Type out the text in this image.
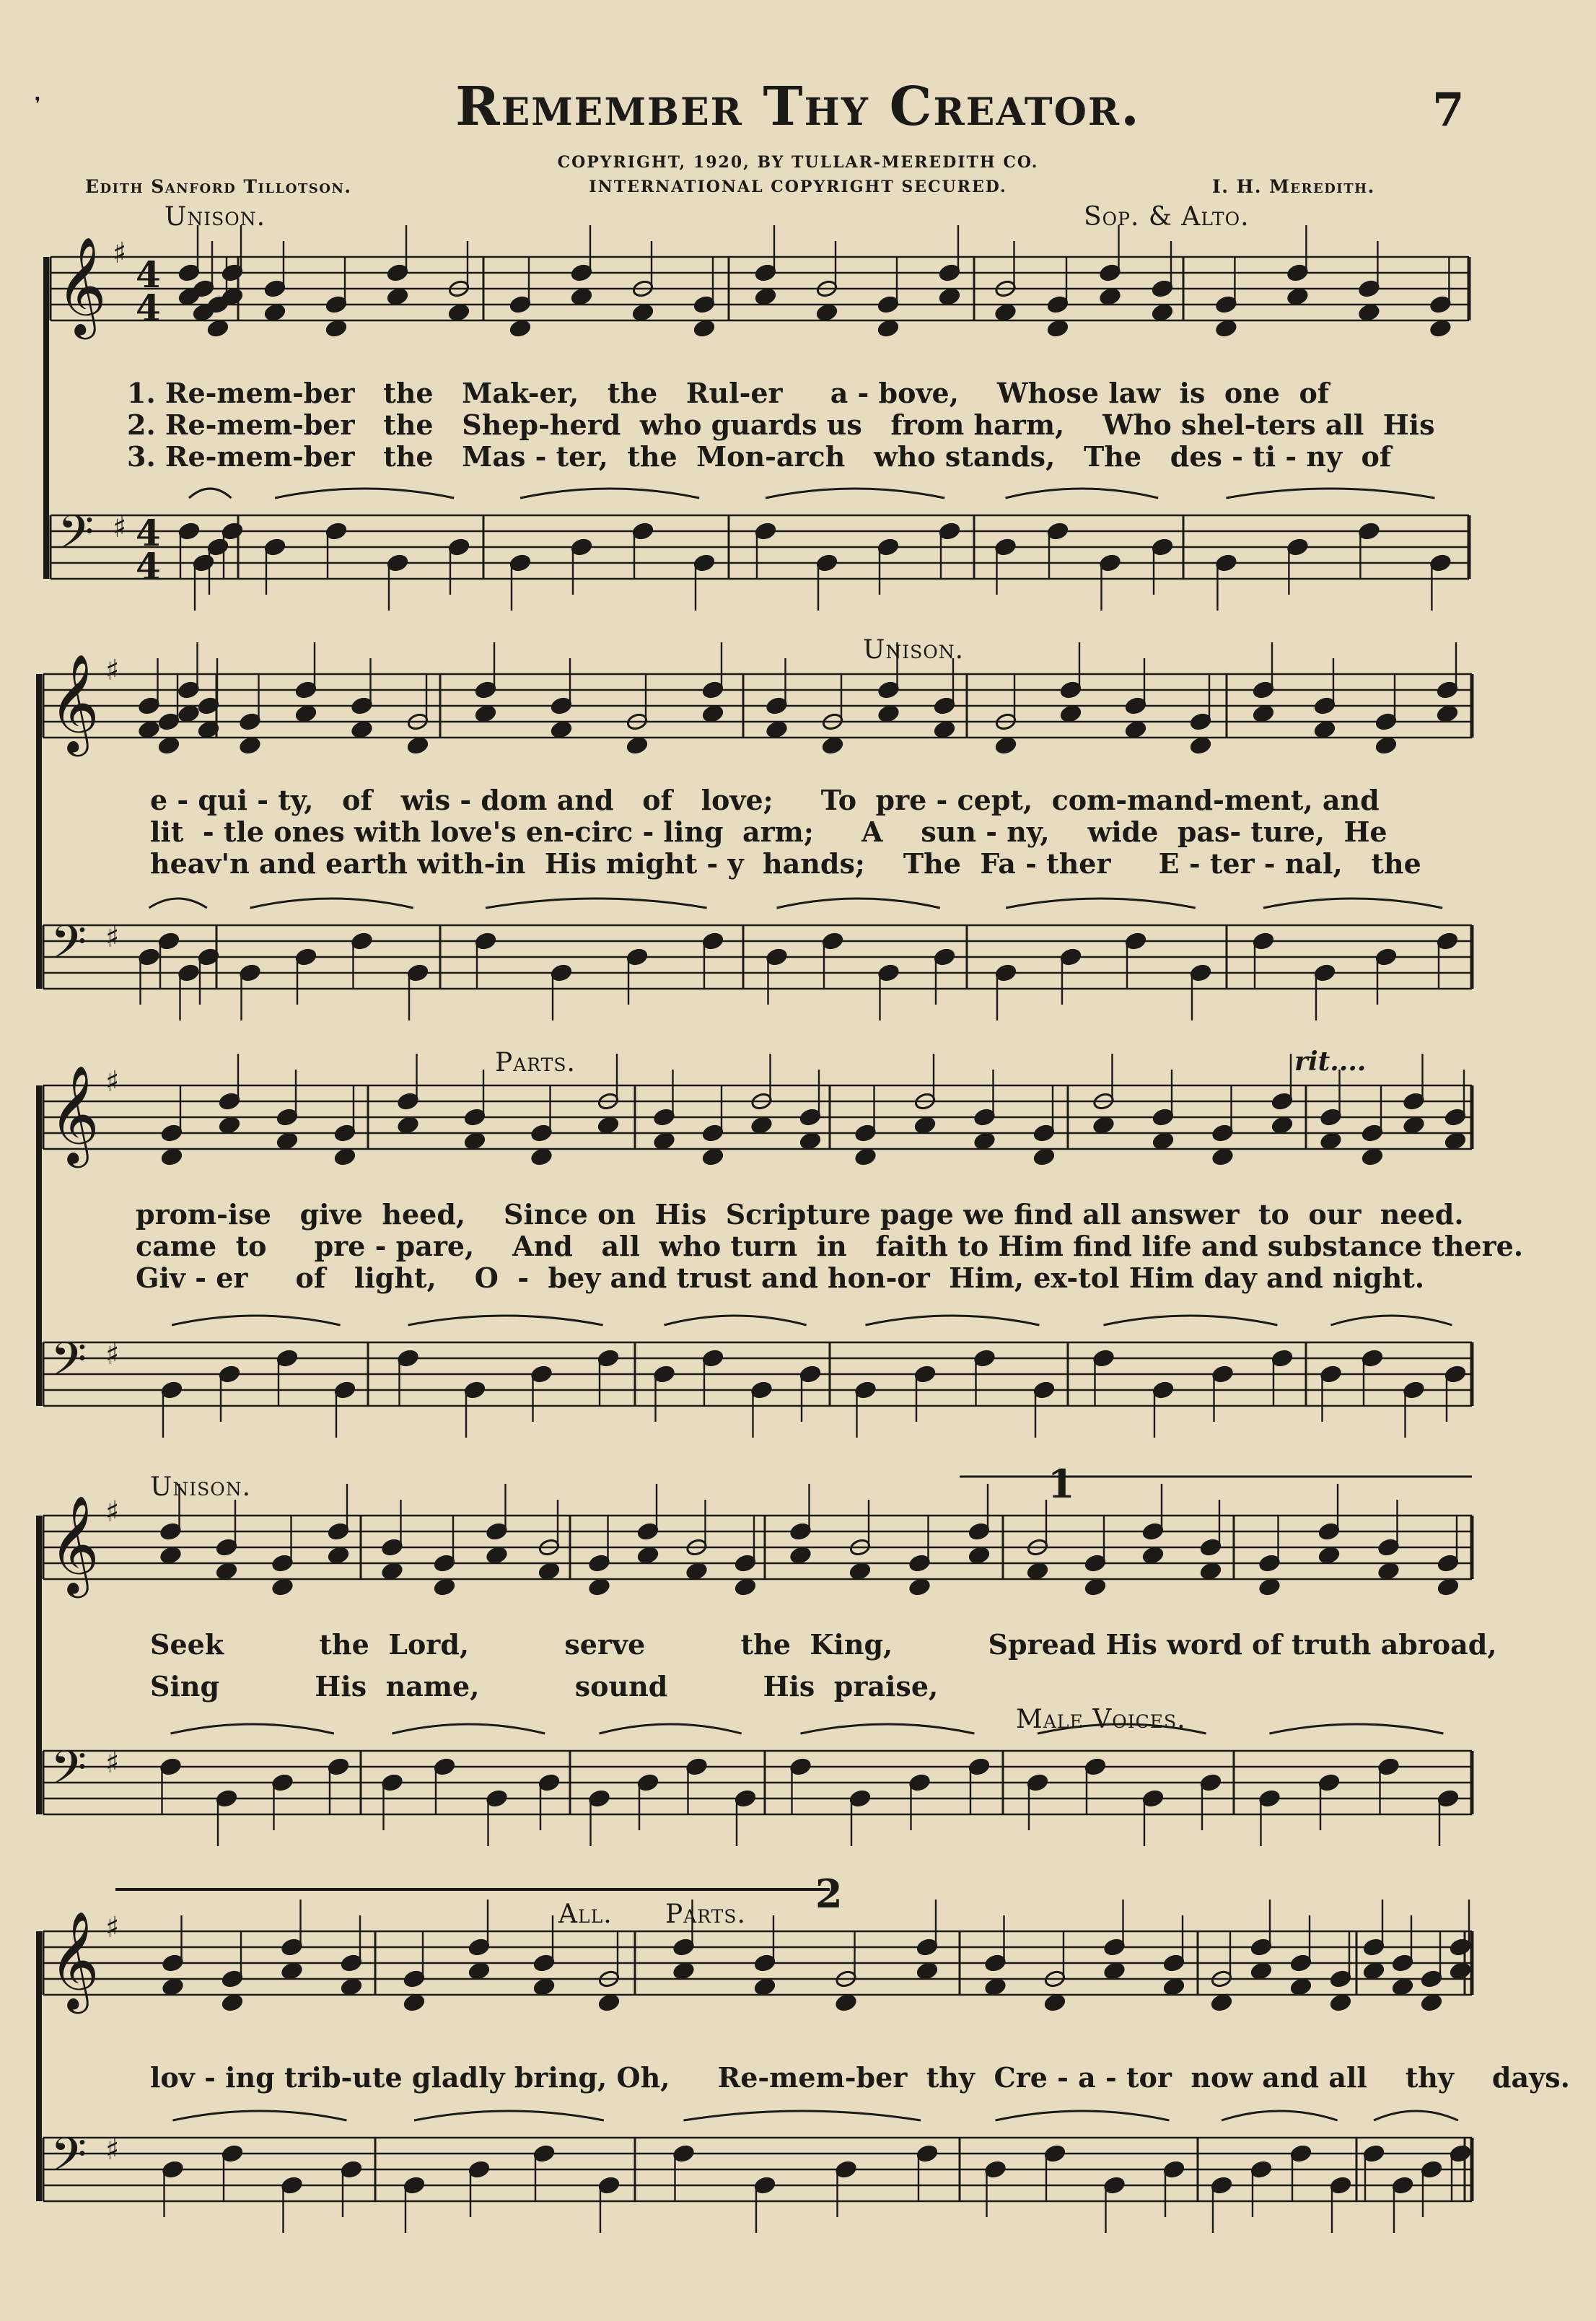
❜	Remember Thy Creator.	7
COPYRIGHT, 1920, BY TULLAR-MEREDITH CO.
INTERNATIONAL COPYRIGHT SECURED.
Edith Sanford Tillotson.	I. H. Meredith.
Unison.	Sop. & Alto.
Unison.
Parts.	rit....
Unison.
Male Voices.
All. Parts.
1
2
1. Re-mem-ber   the   Mak-er,   the   Rul-er     a - bove,    Whose law  is  one  of
2. Re-mem-ber   the   Shep-herd  who guards us   from harm,    Who shel-ters all  His
3. Re-mem-ber   the   Mas - ter,  the  Mon-arch   who stands,   The   des - ti - ny  of
e - qui - ty,   of   wis - dom and   of   love;     To  pre - cept,  com-mand-ment, and
lit  - tle ones with love's en-circ - ling  arm;     A    sun - ny,    wide  pas- ture,  He
heav'n and earth with-in  His might - y  hands;    The  Fa - ther     E - ter - nal,   the
prom-ise   give  heed,    Since on  His  Scripture page we find all answer  to  our  need.
came  to     pre - pare,    And   all  who turn  in   faith to Him find life and substance there.
Giv - er     of   light,    O  -  bey and trust and hon-or  Him, ex-tol Him day and night.
Seek          the  Lord,          serve          the  King,          Spread His word of truth abroad,
Sing          His  name,          sound          His  praise,
lov - ing trib-ute gladly bring, Oh,     Re-mem-ber  thy  Cre - a - tor  now and all    thy    days.
𝄞
𝄢
♯
♯
4
4
4
4
𝄞
𝄢
♯
♯
𝄞
𝄢
♯
♯
𝄞
𝄢
♯
♯
𝄞
𝄢
♯
♯
